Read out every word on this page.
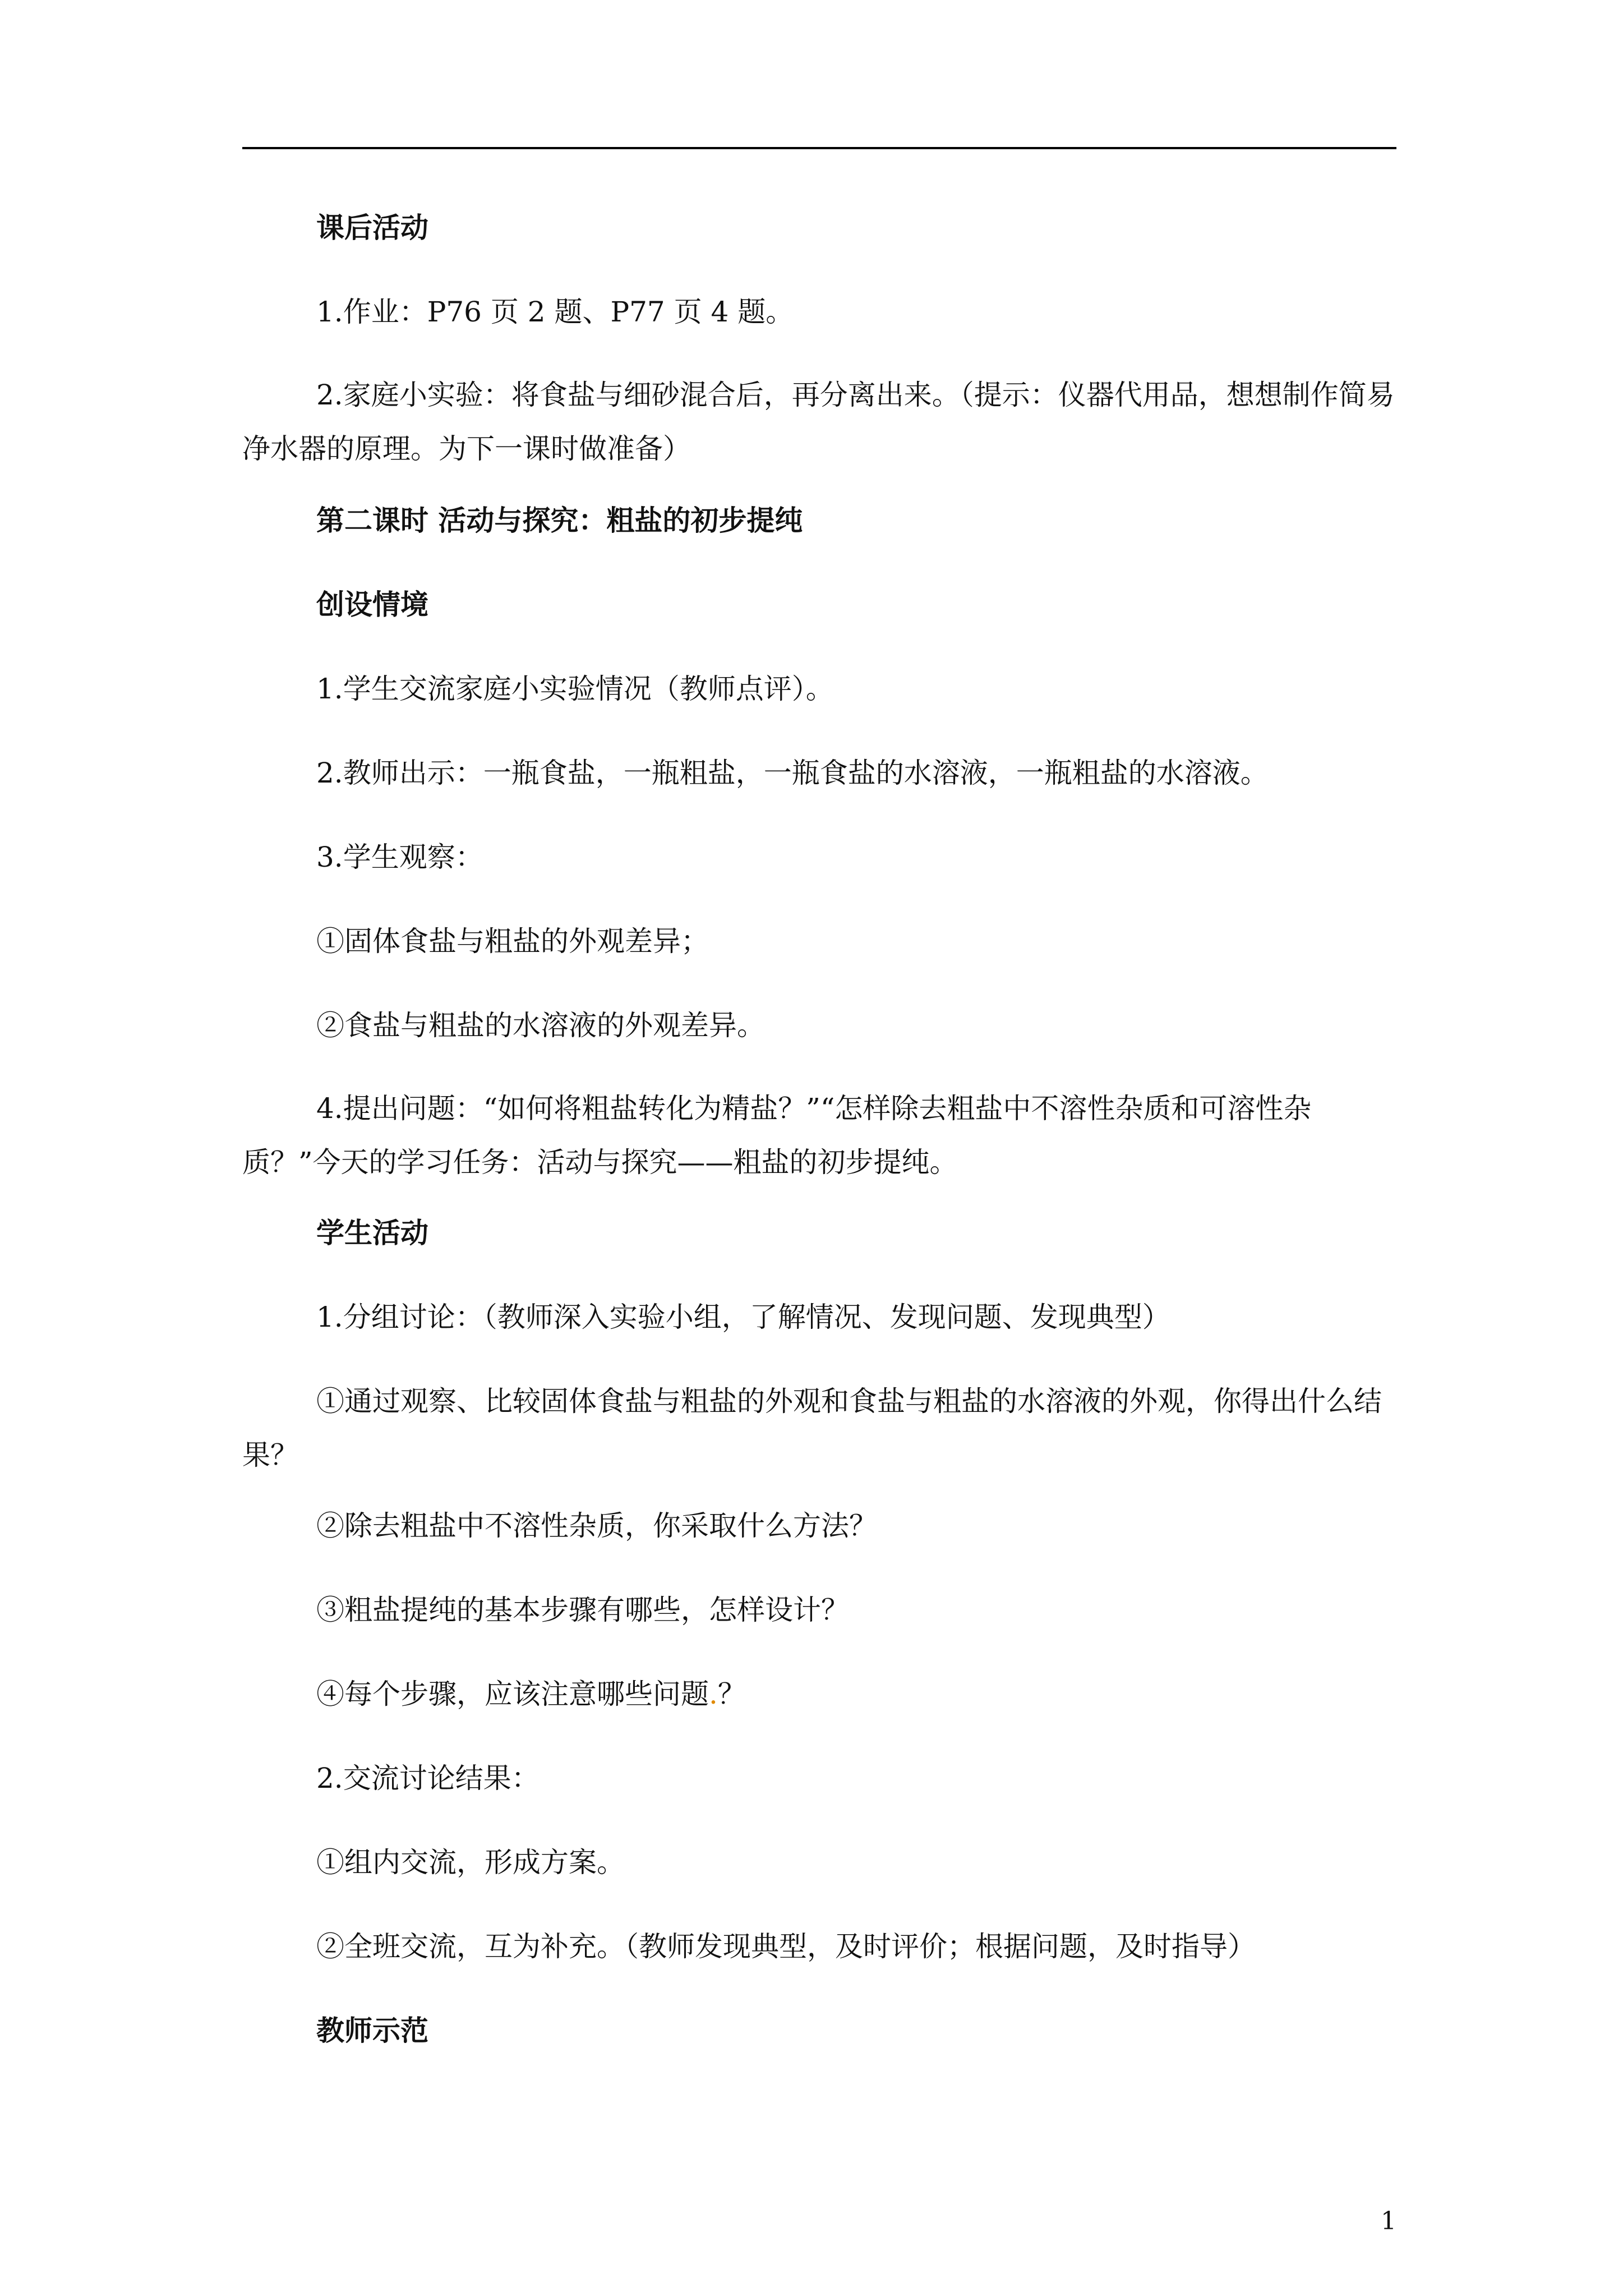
课后活动
1.作业：P76 页 2 题、P77 页 4 题。
2.家庭小实验：将食盐与细砂混合后，再分离出来。（提示：仪器代用品，想想制作简易净水器的原理。为下一课时做准备）
第二课时 活动与探究：粗盐的初步提纯
创设情境
1.学生交流家庭小实验情况（教师点评）。
2.教师出示：一瓶食盐，一瓶粗盐，一瓶食盐的水溶液，一瓶粗盐的水溶液。
3.学生观察：
①固体食盐与粗盐的外观差异；
②食盐与粗盐的水溶液的外观差异。
4.提出问题：“如何将粗盐转化为精盐？”“怎样除去粗盐中不溶性杂质和可溶性杂质？”今天的学习任务：活动与探究——粗盐的初步提纯。
学生活动
1.分组讨论：（教师深入实验小组，了解情况、发现问题、发现典型）
①通过观察、比较固体食盐与粗盐的外观和食盐与粗盐的水溶液的外观，你得出什么结果？
②除去粗盐中不溶性杂质，你采取什么方法？
③粗盐提纯的基本步骤有哪些，怎样设计？
④每个步骤，应该注意哪些问题.？
2.交流讨论结果：
①组内交流，形成方案。
②全班交流，互为补充。（教师发现典型，及时评价；根据问题，及时指导）
教师示范
1
